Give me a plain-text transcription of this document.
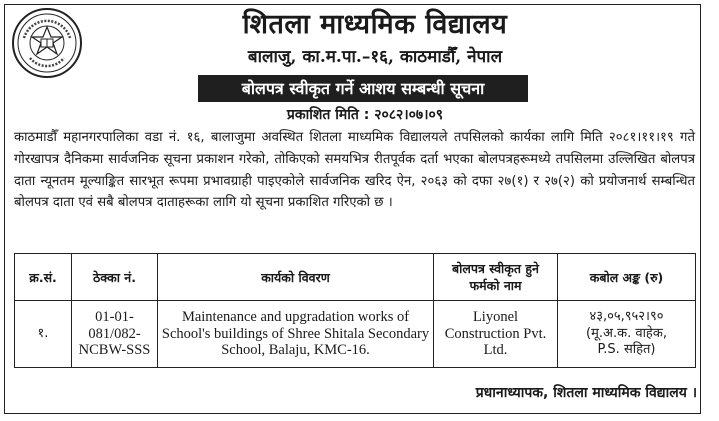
शितला माध्यमिक विद्यालय
बालाजु, का.म.पा.–१६, काठमाडौँ, नेपाल
बोलपत्र स्वीकृत गर्ने आशय सम्बन्धी सूचना
प्रकाशित मिति : २०८२।०७।०९
काठमाडौँ महानगरपालिका वडा नं. १६, बालाजुमा अवस्थित शितला माध्यमिक विद्यालयले तपसिलको कार्यका लागि मिति २०८१।११।१९ गते गोरखापत्र दैनिकमा सार्वजनिक सूचना प्रकाशन गरेको, तोकिएको समयभित्र रीतपूर्वक दर्ता भएका बोलपत्रहरूमध्ये तपसिलमा उल्लिखित बोलपत्र दाता न्यूनतम मूल्याङ्कित सारभूत रूपमा प्रभावग्राही पाइएकोले सार्वजनिक खरिद ऐन, २०६३ को दफा २७(१) र २७(२) को प्रयोजनार्थ सम्बन्धित बोलपत्र दाता एवं सबै बोलपत्र दाताहरूका लागि यो सूचना प्रकाशित गरिएको छ ।
क्र.सं.	ठेक्का नं.	कार्यको विवरण	बोलपत्र स्वीकृत हुने फर्मको नाम	कबोल अङ्क (रु)
१.	01-01-081/082-NCBW-SSS	Maintenance and upgradation works of School's buildings of Shree Shitala Secondary School, Balaju, KMC-16.	Liyonel Construction Pvt. Ltd.	४३,०५,९५२।९०
(मू.अ.क. वाहेक,
P.S. सहित)
प्रधानाध्यापक, शितला माध्यमिक विद्यालय ।
